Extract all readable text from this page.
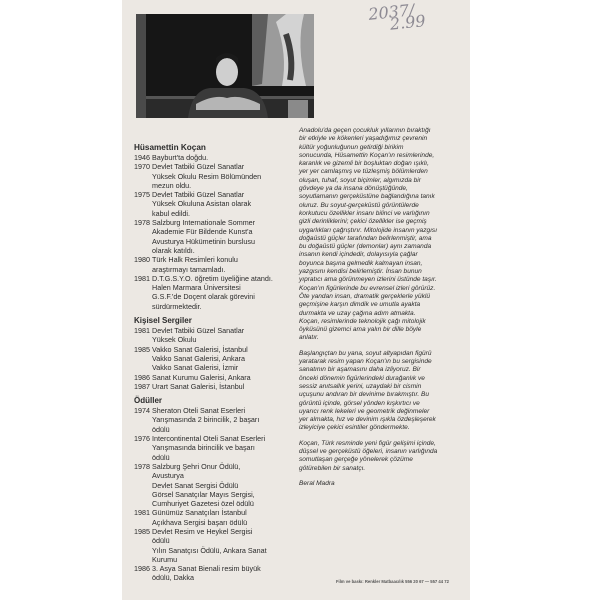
2037/
2.99
Hüsamettin Koçan
1946 Bayburt'ta doğdu.
1970 Devlet Tatbiki Güzel Sanatlar
Yüksek Okulu Resim Bölümünden
mezun oldu.
1975 Devlet Tatbiki Güzel Sanatlar
Yüksek Okuluna Asistan olarak
kabul edildi.
1978 Salzburg Internationale Sommer
Akademie Für Bildende Kunst'a
Avusturya Hükümetinin burslusu
olarak katıldı.
1980 Türk Halk Resimleri konulu
araştırmayı tamamladı.
1981 D.T.G.S.Y.O. öğretim üyeliğine atandı.
Halen Marmara Üniversitesi
G.S.F.'de Doçent olarak görevini
sürdürmektedir.
Kişisel Sergiler
1981 Devlet Tatbiki Güzel Sanatlar
Yüksek Okulu
1985 Vakko Sanat Galerisi, İstanbul
Vakko Sanat Galerisi, Ankara
Vakko Sanat Galerisi, İzmir
1986 Sanat Kurumu Galerisi, Ankara
1987 Urart Sanat Galerisi, İstanbul
Ödüller
1974 Sheraton Oteli Sanat Eserleri
Yarışmasında 2 birincilik, 2 başarı
ödülü
1976 Intercontinental Oteli Sanat Eserleri
Yarışmasında birincilik ve başarı
ödülü
1978 Salzburg Şehri Onur Ödülü,
Avusturya
Devlet Sanat Sergisi Ödülü
Görsel Sanatçılar Mayıs Sergisi,
Cumhuriyet Gazetesi özel ödülü
1981 Günümüz Sanatçıları İstanbul
Açıkhava Sergisi başarı ödülü
1985 Devlet Resim ve Heykel Sergisi
ödülü
Yılın Sanatçısı Ödülü, Ankara Sanat
Kurumu
1986 3. Asya Sanat Bienali resim büyük
ödülü, Dakka

Anadolu'da geçen çocukluk yıllarının bıraktığı
bir etkiyle ve kökenleri yaşadığımız çevrenin
kültür yoğunluğunun getirdiği birikim
sonucunda, Hüsamettin Koçan'ın resimlerinde,
karanlık ve gizemli bir boşluktan doğan ışıklı,
yer yer camlaşmış ve tüzleşmiş bölümlerden
oluşan, tuhaf, soyut biçimler, algımızda bir
gövdeye ya da insana dönüştüğünde,
soyutlamanın gerçeküstüne bağlandığına tanık
oluruz. Bu soyut-gerçeküstü görüntülerde
korkutucu özellikler insanı bilinci ve varlığının
gizli derinliklerini; çekici özellikler ise geçmiş
uygarlıkları çağrıştırır. Mitolojide insanın yazgısı
doğaüstü güçler tarafından belirlenmiştir, ama
bu doğaüstü güçler (demonlar) aynı zamanda
insanın kendi içindedir, dolayısıyla çağlar
boyunca başına gelmedik kalmayan insan,
yazgısını kendisi belirlemiştir. İnsan bunun
yıpratıcı ama görünmeyen izlerini üstünde taşır.
Koçan'ın figürlerinde bu evrensel izleri görürüz.
Öte yandan insan, dramatik gerçeklerle yüklü
geçmişine karşın dimdik ve umutla ayakta
durmakta ve uzay çağına adım atmakta.
Koçan, resimlerinde teknolojik çağı mitolojik
öyküsünü gizemci ama yalın bir dille böyle
anlatır.

Başlangıçtan bu yana, soyut altyapıdan figürü
yaratarak resim yapan Koçan'ın bu sergisinde
sanatının bir aşamasını daha izliyoruz. Bir
önceki dönemin figürlerindeki durağanlık ve
sessiz anıtsallık yerini, uzaydaki bir cismin
uçuşunu andıran bir devinime bırakmıştır. Bu
görüntü içinde, görsel yönden kışkırtıcı ve
uyarıcı renk lekeleri ve geometrik değinmeler
yer almakta, hız ve devinim ışıkla özdeşleşerek
izleyiciye çekici esintiler göndermekte.

Koçan, Türk resminde yeni figür gelişimi içinde,
düşsel ve gerçeküstü öğeleri, insanın varlığında
somutlaşan gerçeğe yönelerek çözüme
götürebilen bir sanatçı.

Beral Madra

Film ve baskı: Renkler Matbaacılık 556 20 67 — 557 44 72
